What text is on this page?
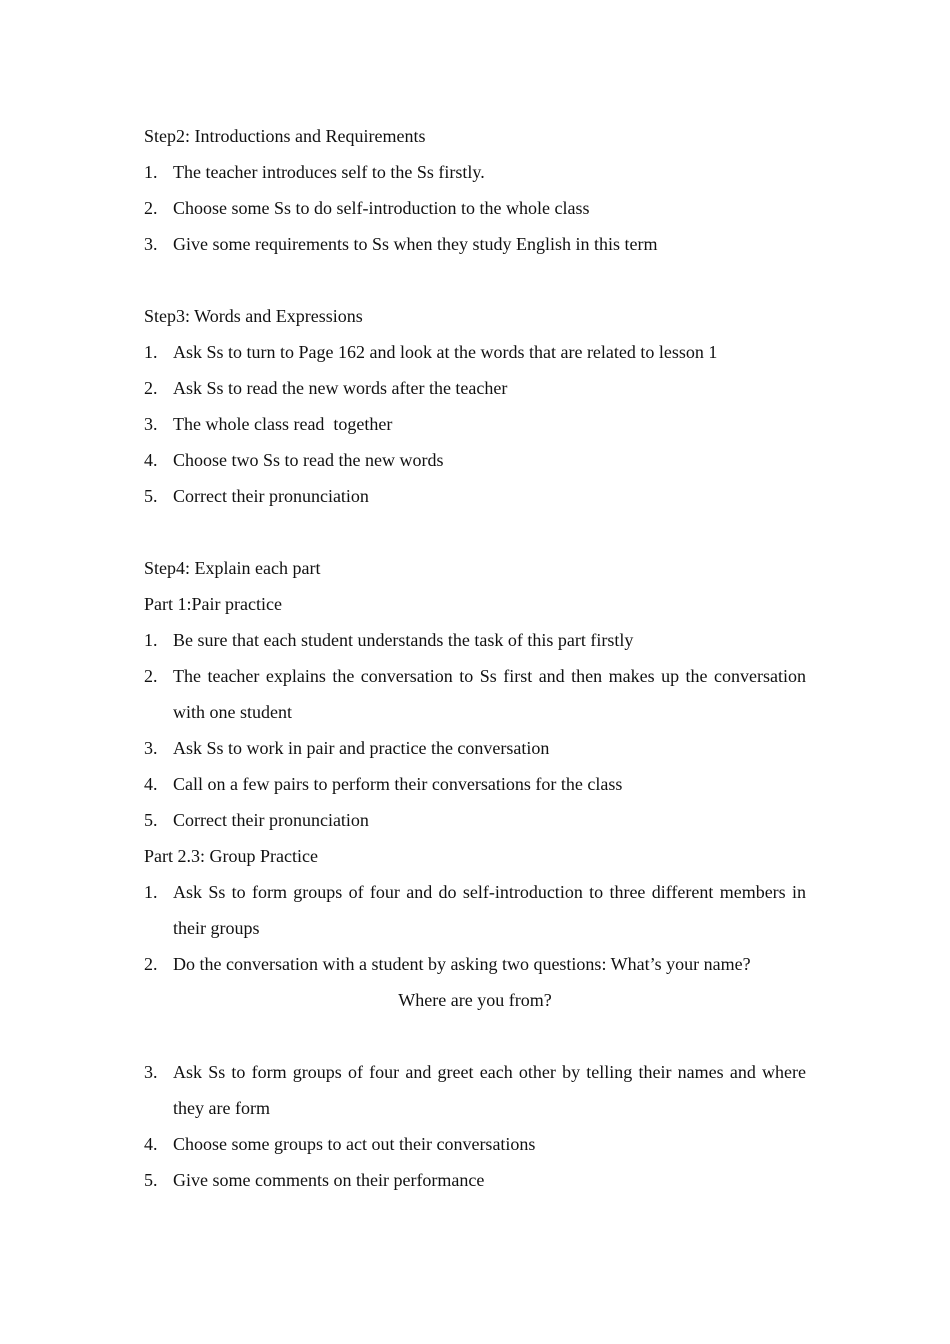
Step2: Introductions and Requirements
1. The teacher introduces self to the Ss firstly.
2. Choose some Ss to do self-introduction to the whole class
3. Give some requirements to Ss when they study English in this term
Step3: Words and Expressions
1. Ask Ss to turn to Page 162 and look at the words that are related to lesson 1
2. Ask Ss to read the new words after the teacher
3. The whole class read  together
4. Choose two Ss to read the new words
5. Correct their pronunciation
Step4: Explain each part
Part 1:Pair practice
1. Be sure that each student understands the task of this part firstly
2. The teacher explains the conversation to Ss first and then makes up the conversation with one student
3. Ask Ss to work in pair and practice the conversation
4. Call on a few pairs to perform their conversations for the class
5. Correct their pronunciation
Part 2.3: Group Practice
1. Ask Ss to form groups of four and do self-introduction to three different members in their groups
2. Do the conversation with a student by asking two questions: What’s your name?
Where are you from?
3. Ask Ss to form groups of four and greet each other by telling their names and where they are form
4. Choose some groups to act out their conversations
5. Give some comments on their performance
